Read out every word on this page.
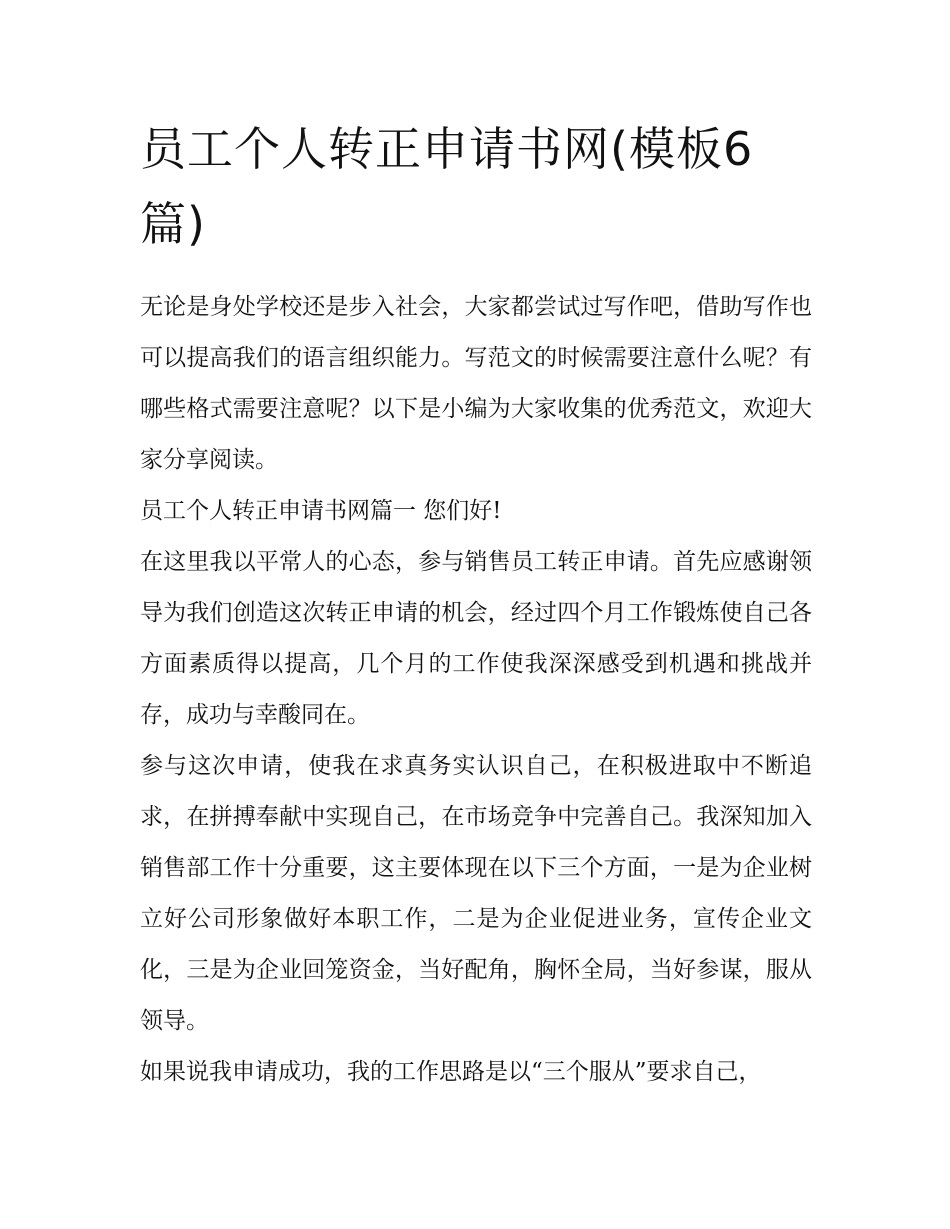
员工个人转正申请书网(模板6篇)

无论是身处学校还是步入社会，大家都尝试过写作吧，借助写作也可以提高我们的语言组织能力。写范文的时候需要注意什么呢？有哪些格式需要注意呢？以下是小编为大家收集的优秀范文，欢迎大家分享阅读。

员工个人转正申请书网篇一 您们好!

在这里我以平常人的心态，参与销售员工转正申请。首先应感谢领导为我们创造这次转正申请的机会，经过四个月工作锻炼使自己各方面素质得以提高，几个月的工作使我深深感受到机遇和挑战并存，成功与幸酸同在。

参与这次申请，使我在求真务实认识自己，在积极进取中不断追求，在拼搏奉献中实现自己，在市场竞争中完善自己。我深知加入销售部工作十分重要，这主要体现在以下三个方面，一是为企业树立好公司形象做好本职工作，二是为企业促进业务，宣传企业文化，三是为企业回笼资金，当好配角，胸怀全局，当好参谋，服从领导。

如果说我申请成功，我的工作思路是以“三个服从”要求自己，
